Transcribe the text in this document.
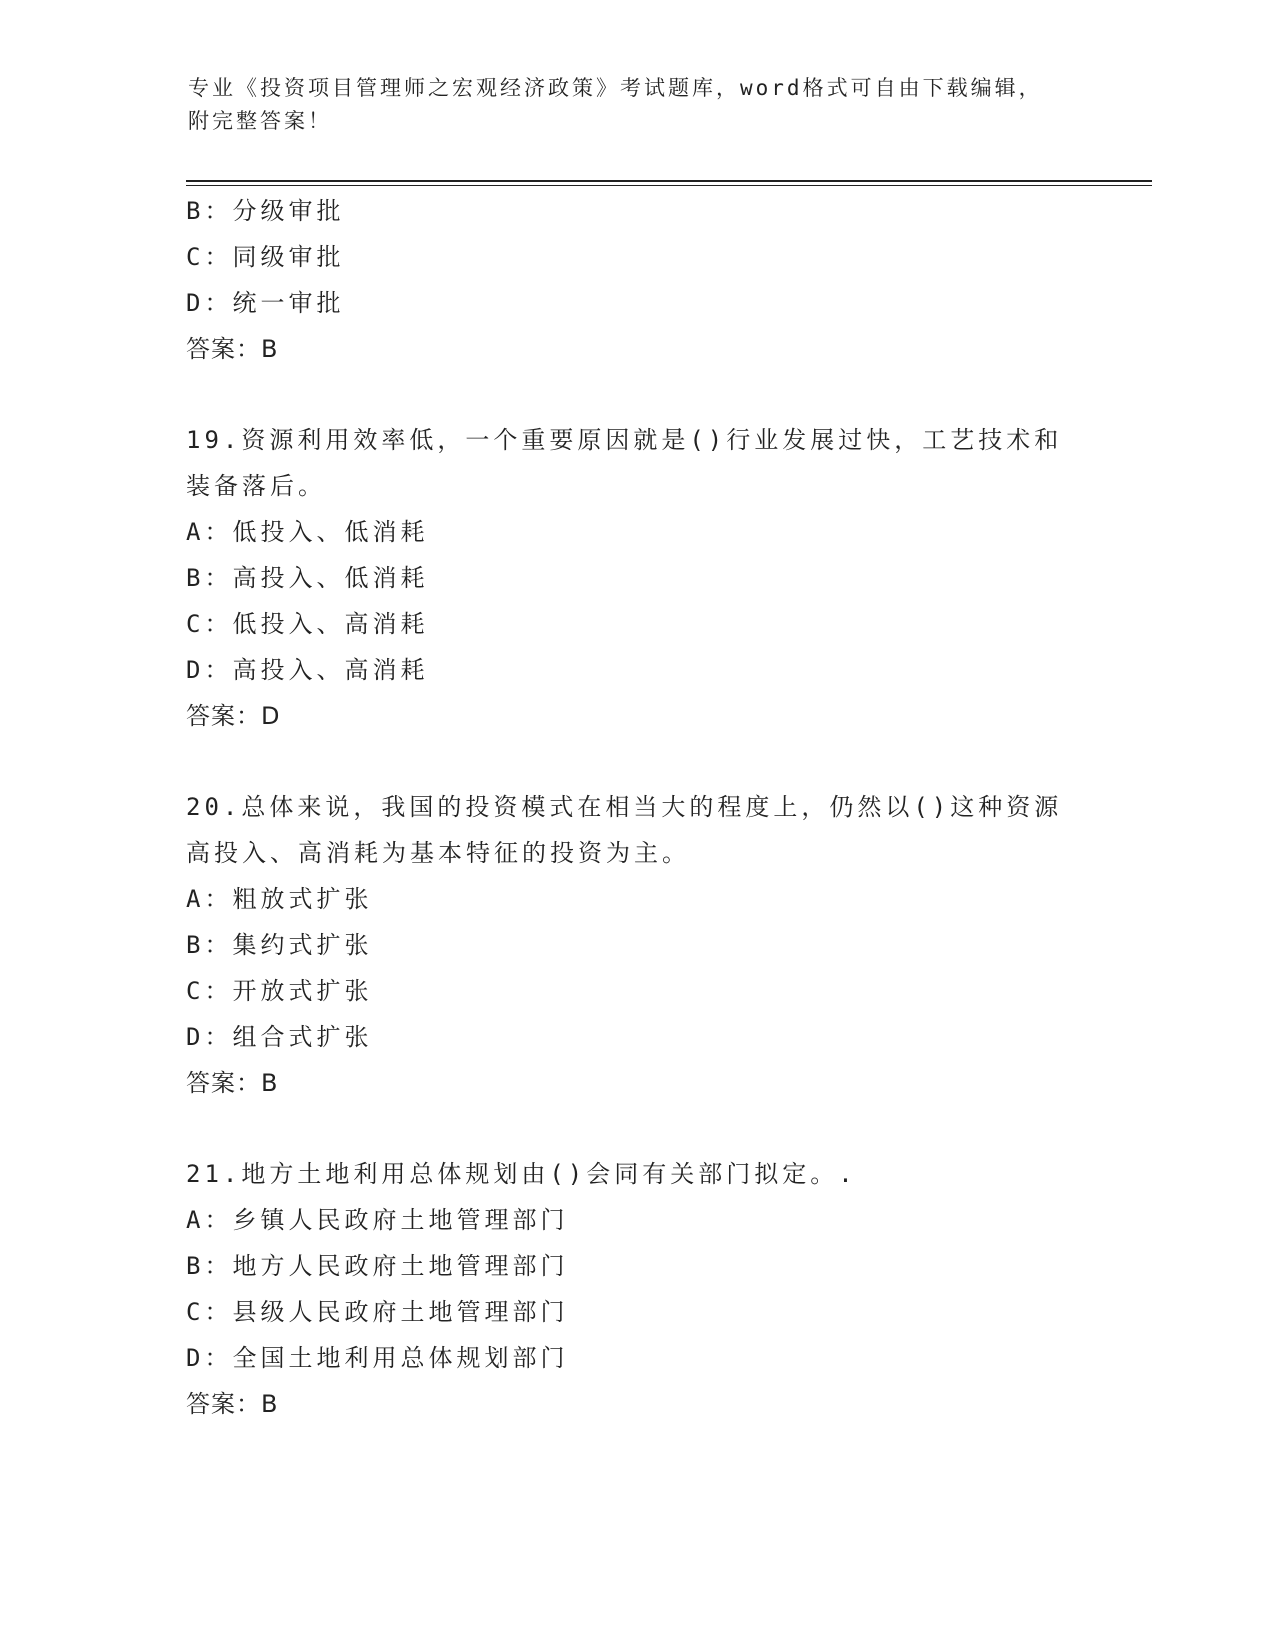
专业《投资项目管理师之宏观经济政策》考试题库，word格式可自由下载编辑，
附完整答案！
B：分级审批
C：同级审批
D：统一审批
答案：B
19.资源利用效率低，一个重要原因就是()行业发展过快，工艺技术和
装备落后。
A：低投入、低消耗
B：高投入、低消耗
C：低投入、高消耗
D：高投入、高消耗
答案：D
20.总体来说，我国的投资模式在相当大的程度上，仍然以()这种资源
高投入、高消耗为基本特征的投资为主。
A：粗放式扩张
B：集约式扩张
C：开放式扩张
D：组合式扩张
答案：B
21.地方土地利用总体规划由()会同有关部门拟定。.
A：乡镇人民政府土地管理部门
B：地方人民政府土地管理部门
C：县级人民政府土地管理部门
D：全国土地利用总体规划部门
答案：B
